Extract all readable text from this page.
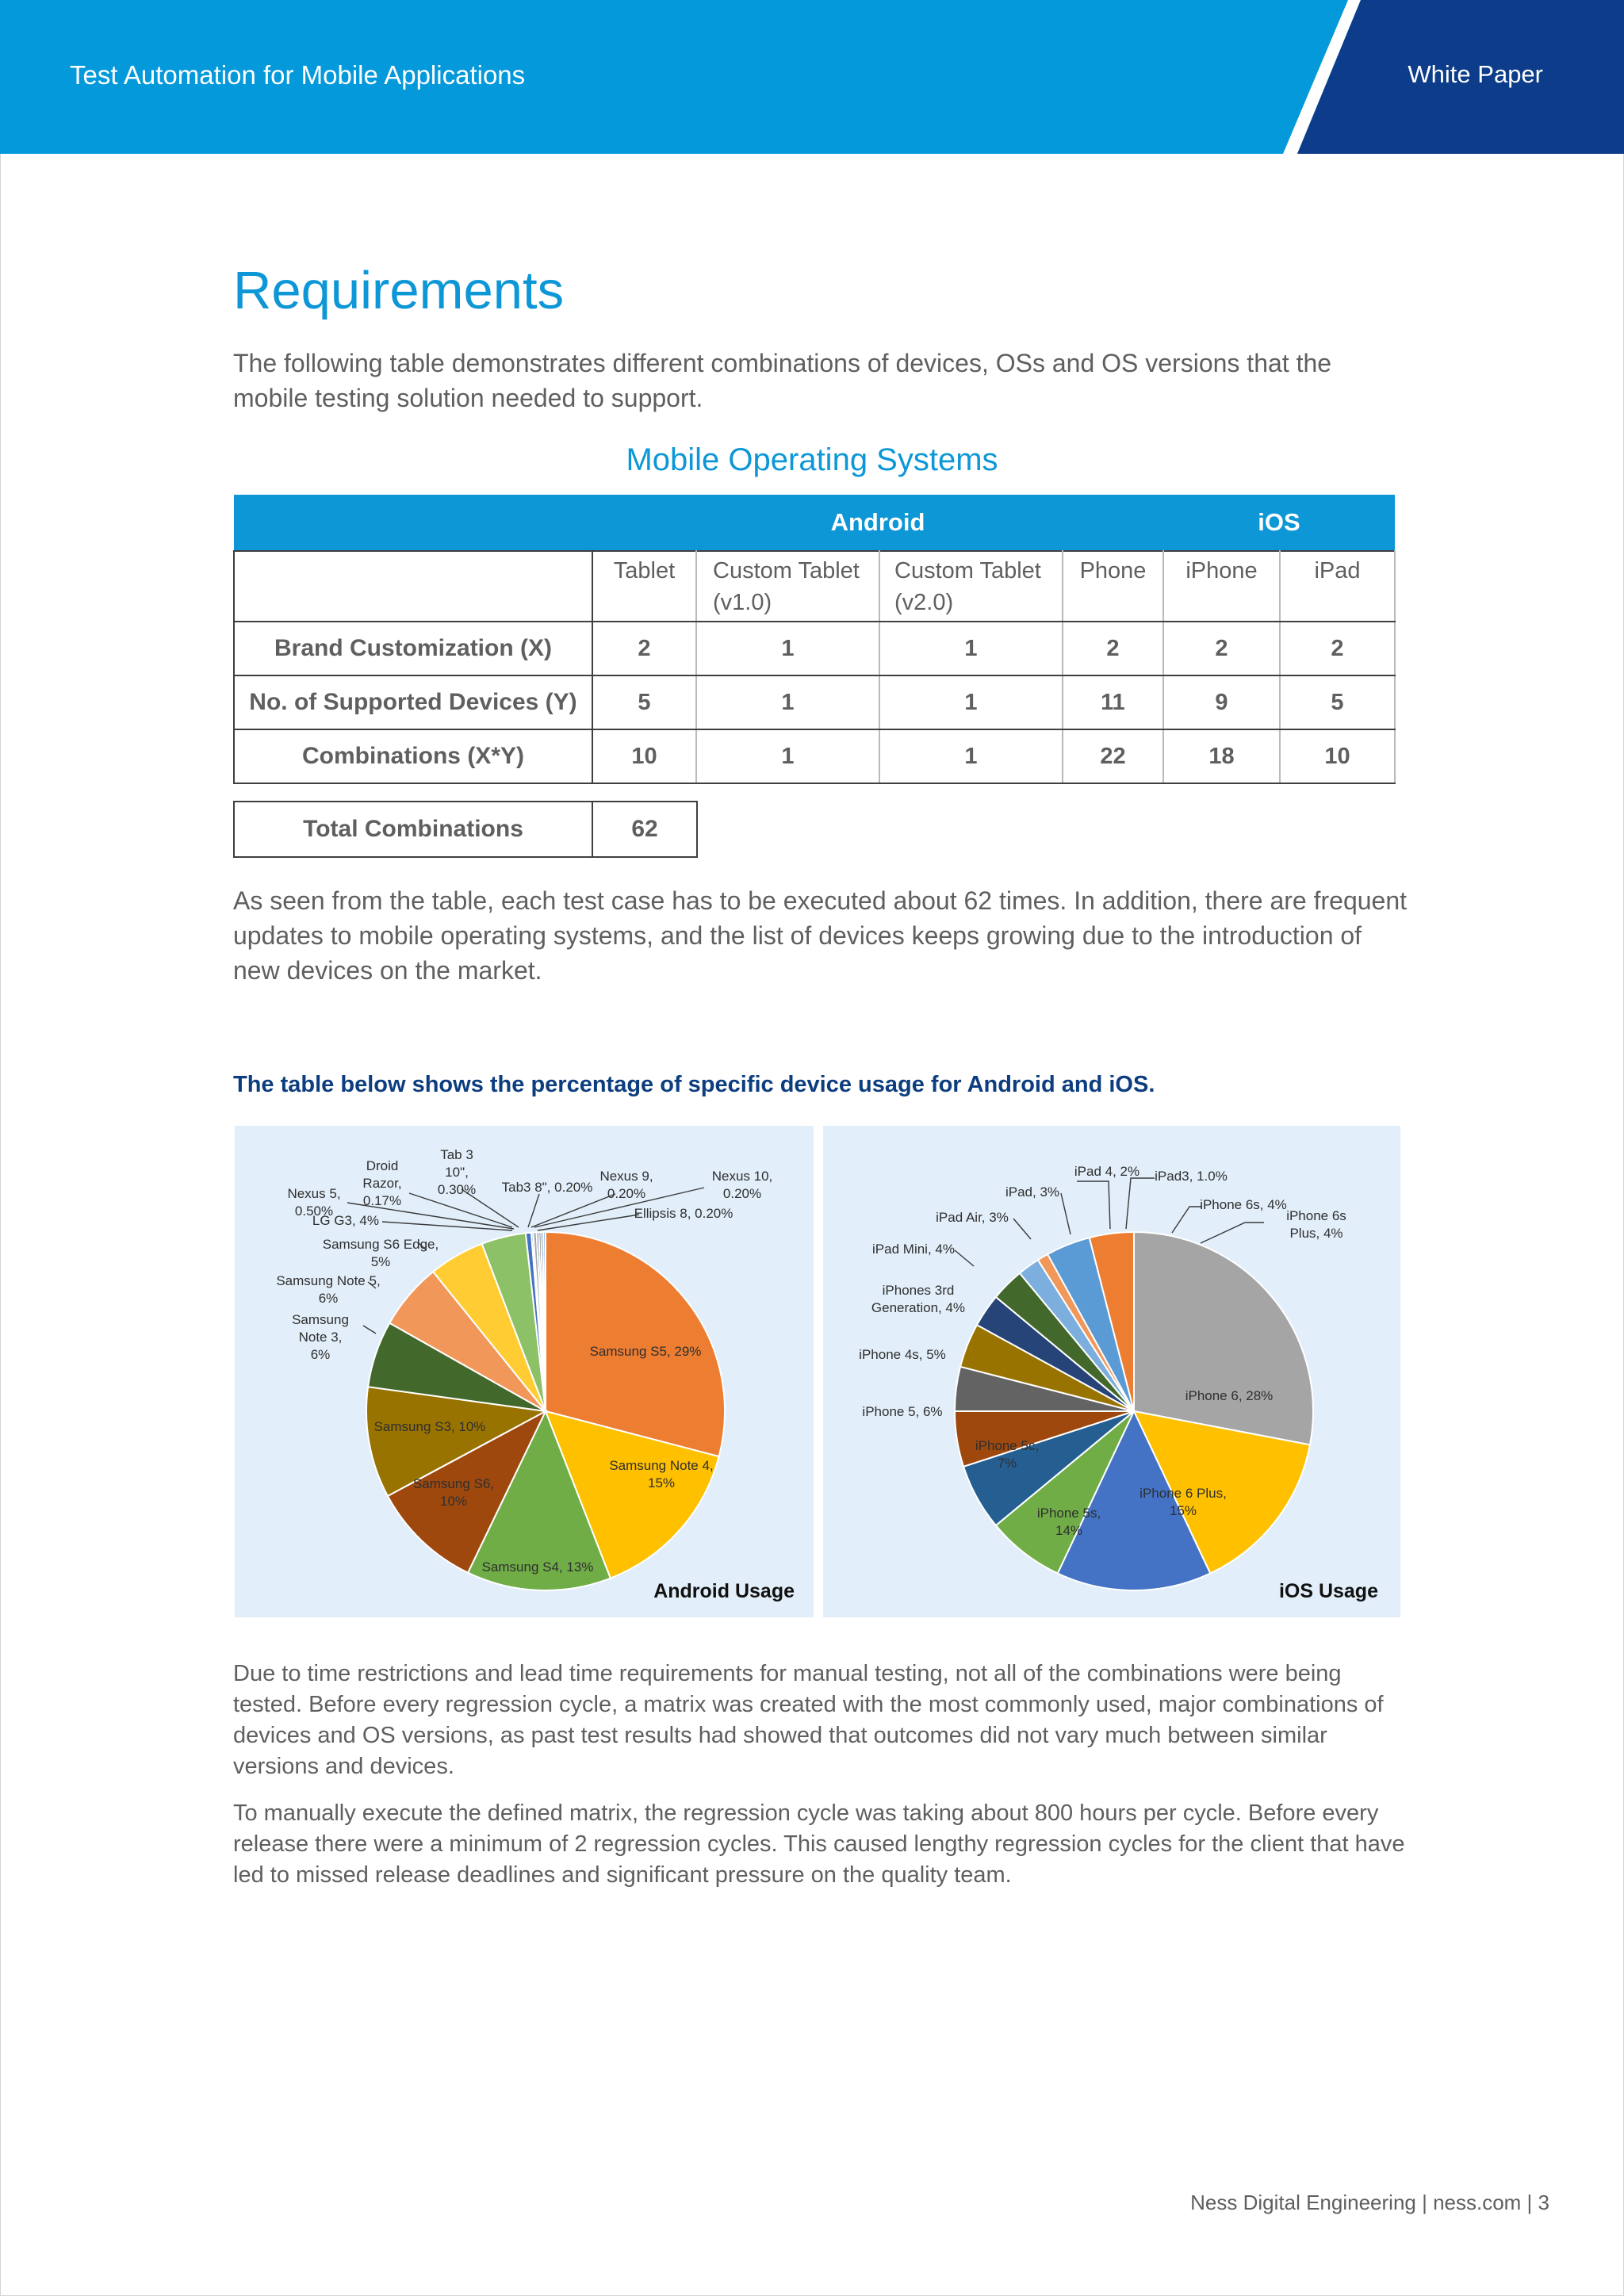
Test Automation for Mobile Applications	White Paper
Requirements

The following table demonstrates different combinations of devices, OSs and OS versions that the mobile testing solution needed to support.

Mobile Operating Systems
	Android				iOS	
	Tablet	Custom Tablet (v1.0)	Custom Tablet (v2.0)	Phone	iPhone	iPad
Brand Customization (X)	2	1	1	2	2	2
No. of Supported Devices (Y)	5	1	1	11	9	5
Combinations (X*Y)	10	1	1	22	18	10
Total Combinations	62

As seen from the table, each test case has to be executed about 62 times. In addition, there are frequent updates to mobile operating systems, and the list of devices keeps growing due to the introduction of new devices on the market.

The table below shows the percentage of specific device usage for Android and iOS.
Samsung S5, 29%
Samsung Note 4, 15%
Samsung S4, 13%
Samsung S6, 10%
Samsung S3, 10%
Samsung Note 3, 6%
Samsung Note 5, 6%
Samsung S6 Edge, 5%
LG G3, 4%
Nexus 5, 0.50%
Droid Razor, 0.17%
Tab 3 10", 0.30% Tab3 8", 0.20%
Nexus 9, 0.20%
Nexus 10, 0.20%
Ellipsis 8, 0.20%
Android Usage
iPhone 6, 28%
iPhone 6 Plus, 15%
iPhone 5s, 14%
iPhone 5c, 7%
iPhone 5, 6%
iPhone 4s, 5%
iPhones 3rd Generation, 4%
iPad Mini, 4%
iPad Air, 3%
iPad, 3%
iPad 4, 2% iPad3, 1.0%
iPhone 6s, 4%
iPhone 6s Plus, 4%
iOS Usage

Due to time restrictions and lead time requirements for manual testing, not all of the combinations were being tested. Before every regression cycle, a matrix was created with the most commonly used, major combinations of devices and OS versions, as past test results had showed that outcomes did not vary much between similar versions and devices.

To manually execute the defined matrix, the regression cycle was taking about 800 hours per cycle. Before every release there were a minimum of 2 regression cycles. This caused lengthy regression cycles for the client that have led to missed release deadlines and significant pressure on the quality team.

Ness Digital Engineering | ness.com | 3
